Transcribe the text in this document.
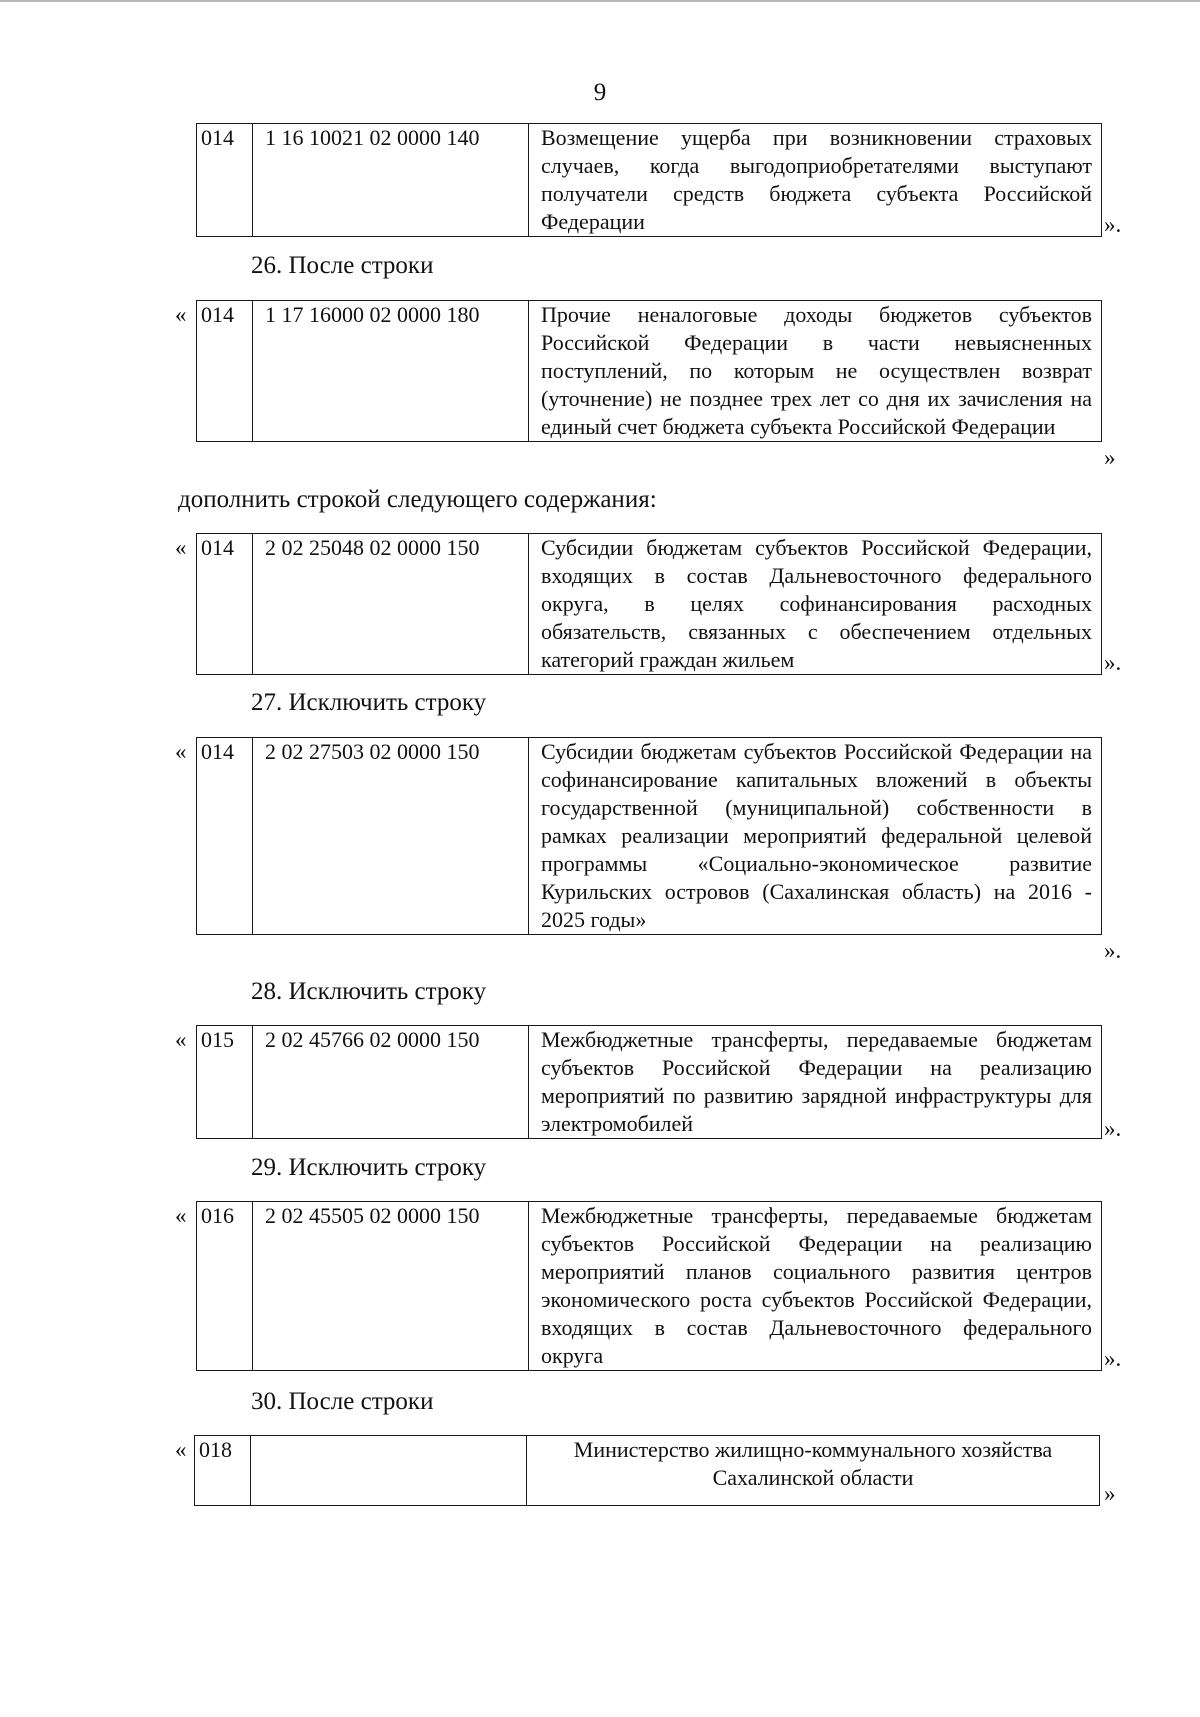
9
014	1 16 10021 02 0000 140	Возмещение ущерба при возникновении страховых случаев, когда выгодоприобретателями выступают получатели средств бюджета субъекта Российской Федерации	».
26. После строки
« 014	1 17 16000 02 0000 180	Прочие неналоговые доходы бюджетов субъектов Российской Федерации в части невыясненных поступлений, по которым не осуществлен возврат (уточнение) не позднее трех лет со дня их зачисления на единый счет бюджета субъекта Российской Федерации
»
дополнить строкой следующего содержания:
« 014	2 02 25048 02 0000 150	Субсидии бюджетам субъектов Российской Федерации, входящих в состав Дальневосточного федерального округа, в целях софинансирования расходных обязательств, связанных с обеспечением отдельных категорий граждан жильем	».
27. Исключить строку
« 014	2 02 27503 02 0000 150	Субсидии бюджетам субъектов Российской Федерации на софинансирование капитальных вложений в объекты государственной (муниципальной) собственности в рамках реализации мероприятий федеральной целевой программы «Социально-экономическое развитие Курильских островов (Сахалинская область) на 2016 - 2025 годы»
».
28. Исключить строку
« 015	2 02 45766 02 0000 150	Межбюджетные трансферты, передаваемые бюджетам субъектов Российской Федерации на реализацию мероприятий по развитию зарядной инфраструктуры для электромобилей	».
29. Исключить строку
« 016	2 02 45505 02 0000 150	Межбюджетные трансферты, передаваемые бюджетам субъектов Российской Федерации на реализацию мероприятий планов социального развития центров экономического роста субъектов Российской Федерации, входящих в состав Дальневосточного федерального округа	».
30. После строки
« 018		Министерство жилищно-коммунального хозяйства Сахалинской области
»
